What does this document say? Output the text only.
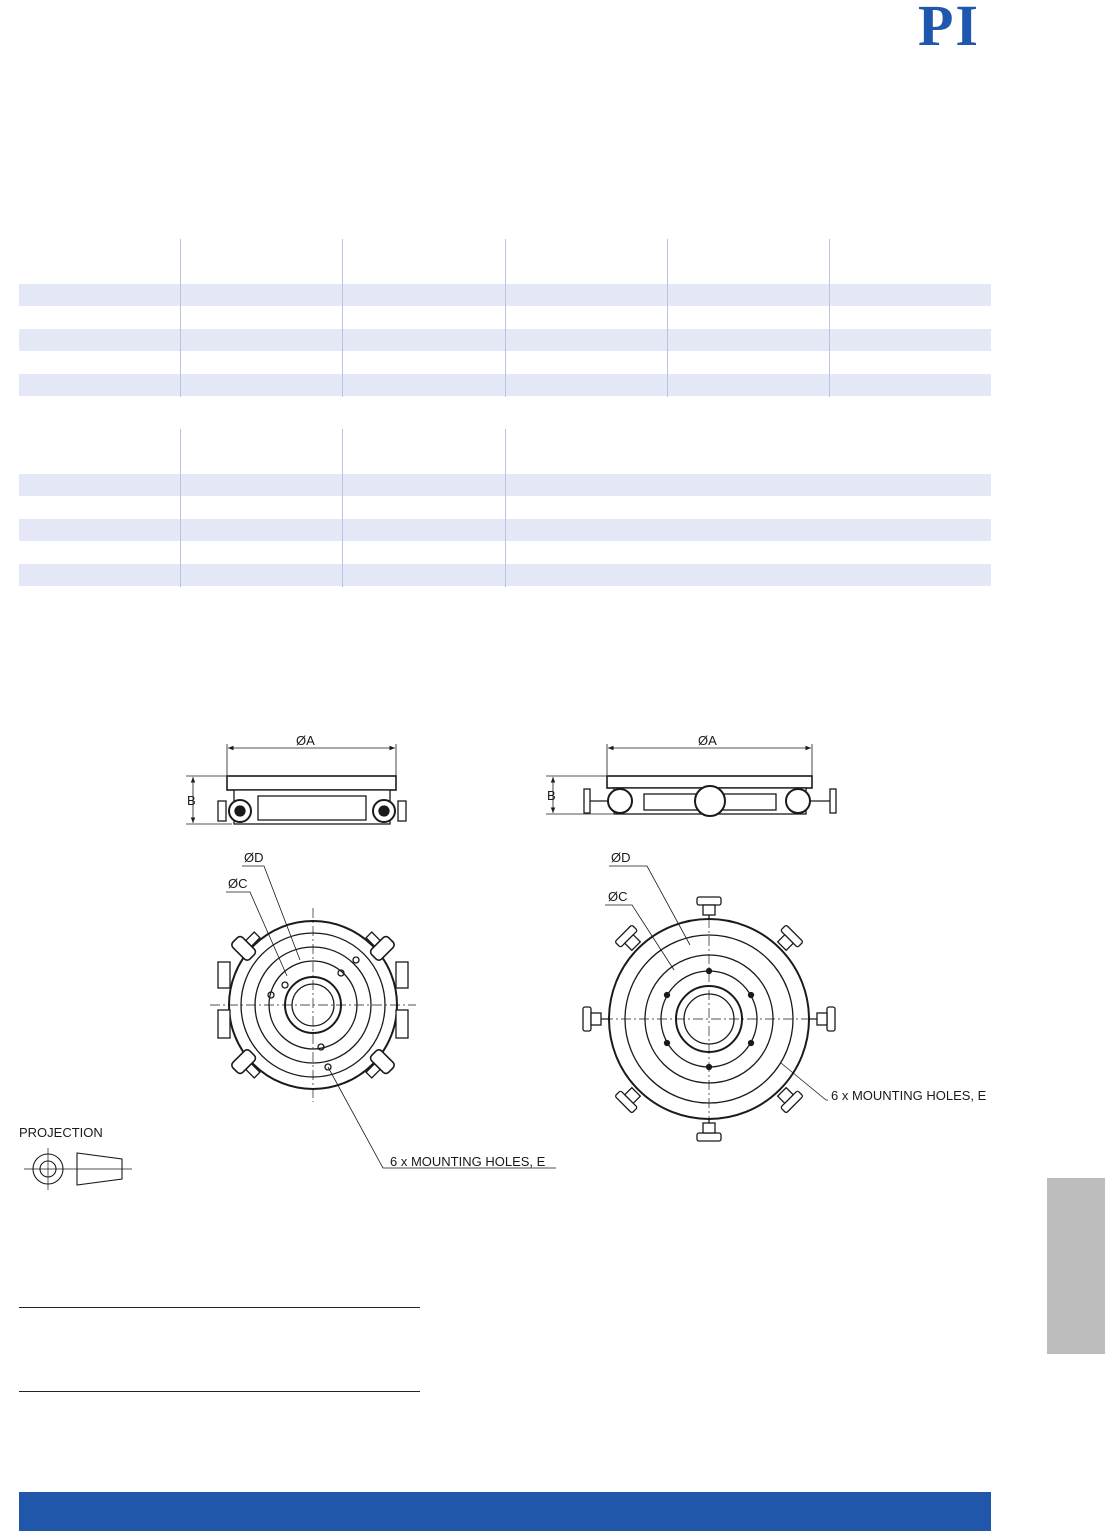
PI
ØA
B
ØD
ØC
6 x MOUNTING HOLES, E
ØA
B
ØD
ØC
6 x MOUNTING HOLES, E
PROJECTION
